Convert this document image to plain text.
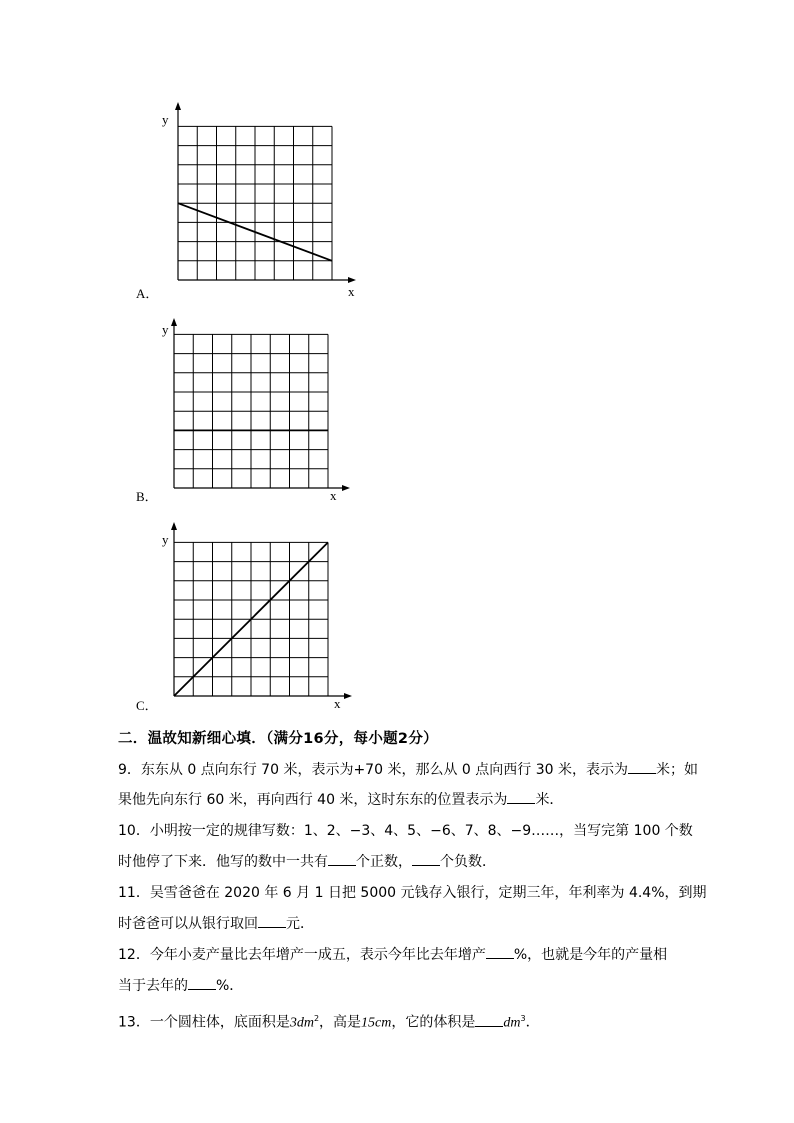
y
x
A．
y
x
B．
y
x
C．
二．温故知新细心填．（满分16分，每小题2分）
9．东东从 0 点向东行 70 米，表示为+70 米，那么从 0 点向西行 30 米，表示为 米；如
果他先向东行 60 米，再向西行 40 米，这时东东的位置表示为 米．
10．小明按一定的规律写数：1、2、−3、4、5、−6、7、8、−9……，当写完第 100 个数
时他停了下来．他写的数中一共有 个正数， 个负数．
11．吴雪爸爸在 2020 年 6 月 1 日把 5000 元钱存入银行，定期三年，年利率为 4.4%，到期
时爸爸可以从银行取回 元．
12．今年小麦产量比去年增产一成五，表示今年比去年增产 %，也就是今年的产量相
当于去年的 %．
13．一个圆柱体，底面积是$3dm^2$，高是15cm，它的体积是 $dm^3$．
